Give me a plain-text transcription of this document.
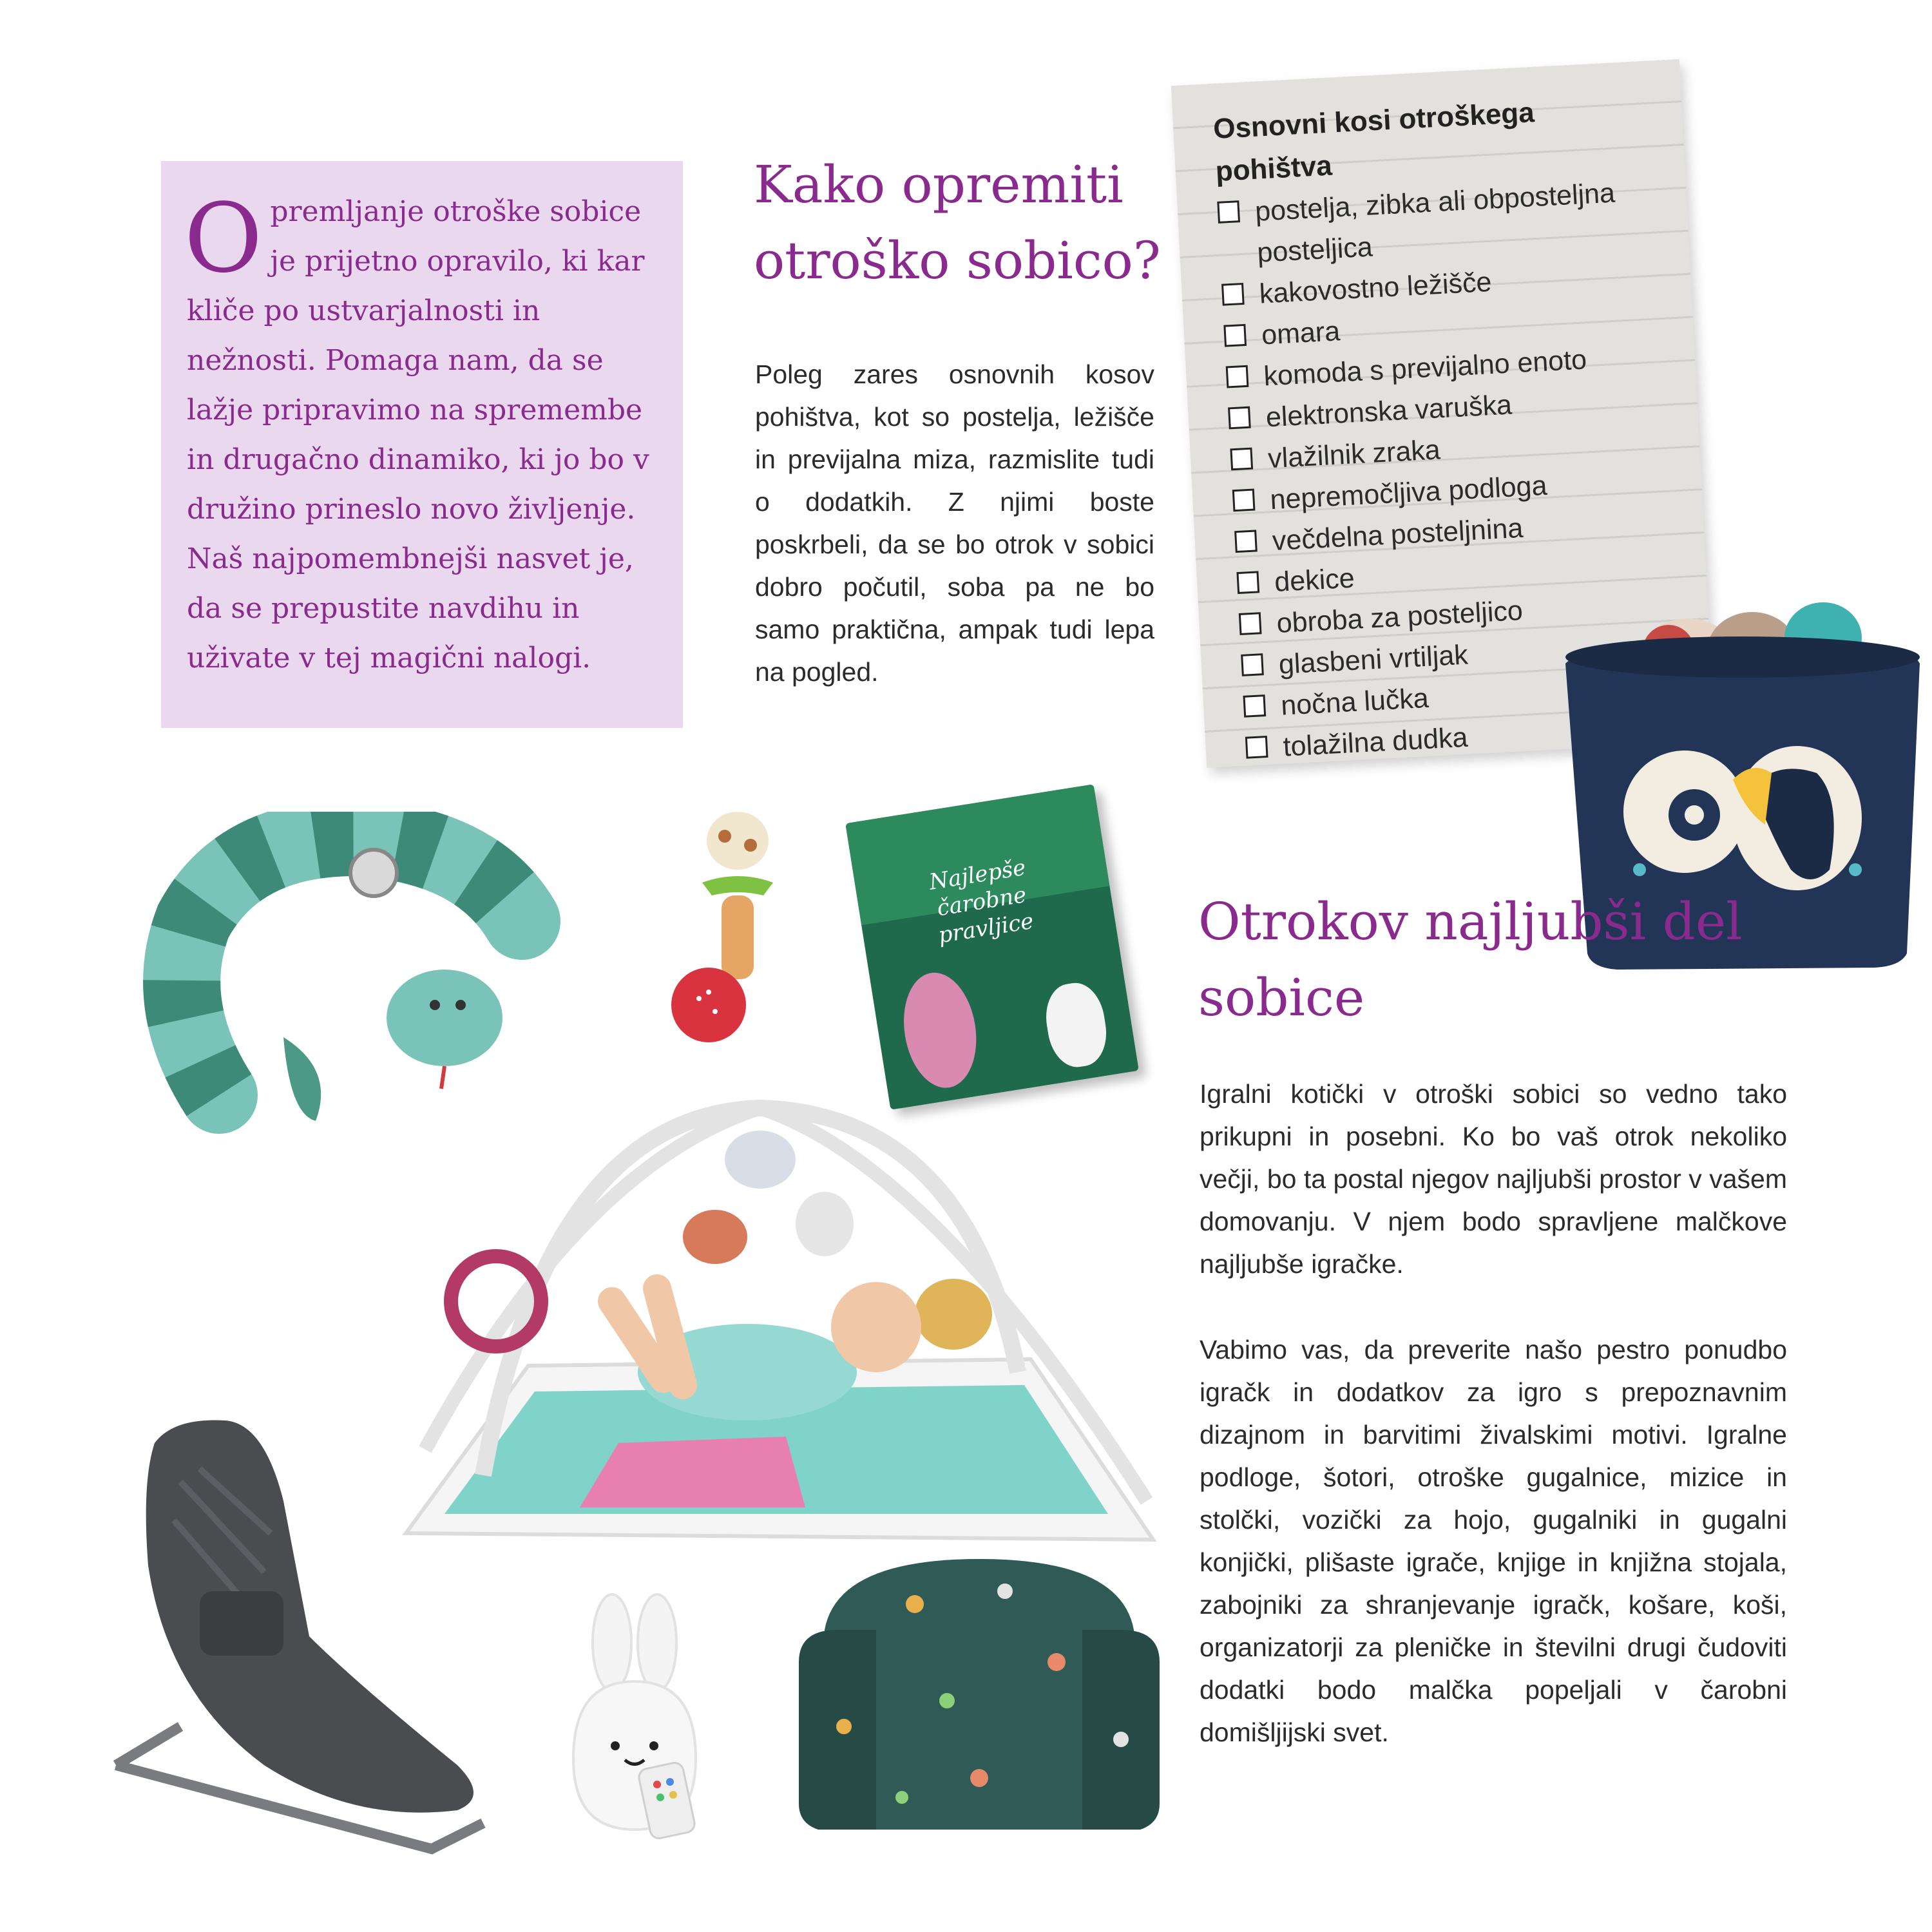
Opremljanje otroške sobice je prijetno opravilo, ki kar kliče po ustvarjalnosti in nežnosti. Pomaga nam, da se lažje pripravimo na spremembe in drugačno dinamiko, ki jo bo v družino prineslo novo življenje. Naš najpomembnejši nasvet je, da se prepustite navdihu in uživate v tej magični nalogi.

Kako opremiti otroško sobico?

Poleg zares osnovnih kosov pohištva, kot so postelja, ležišče in previjalna miza, razmislite tudi o dodatkih. Z njimi boste poskrbeli, da se bo otrok v sobici dobro počutil, soba pa ne bo samo praktična, ampak tudi lepa na pogled.

Osnovni kosi otroškega pohištva

postelja, zibka ali obposteljna posteljica
kakovostno ležišče
omara
komoda s previjalno enoto
elektronska varuška
vlažilnik zraka
nepremočljiva podloga
večdelna posteljnina
dekice
obroba za posteljico
glasbeni vrtiljak
nočna lučka
tolažilna dudka
Najlepše čarobne pravljice	Otrokov najljubši del sobice

Igralni kotički v otroški sobici so vedno tako prikupni in posebni. Ko bo vaš otrok nekoliko večji, bo ta postal njegov najljubši prostor v vašem domovanju. V njem bodo spravljene malčkove najljubše igračke.

Vabimo vas, da preverite našo pestro ponudbo igračk in dodatkov za igro s prepoznavnim dizajnom in barvitimi živalskimi motivi. Igralne podloge, šotori, otroške gugalnice, mizice in stolčki, vozički za hojo, gugalniki in gugalni konjički, plišaste igrače, knjige in knjižna stojala, zabojniki za shranjevanje igračk, košare, koši, organizatorji za pleničke in številni drugi čudoviti dodatki bodo malčka popeljali v čarobni domišljijski svet.
